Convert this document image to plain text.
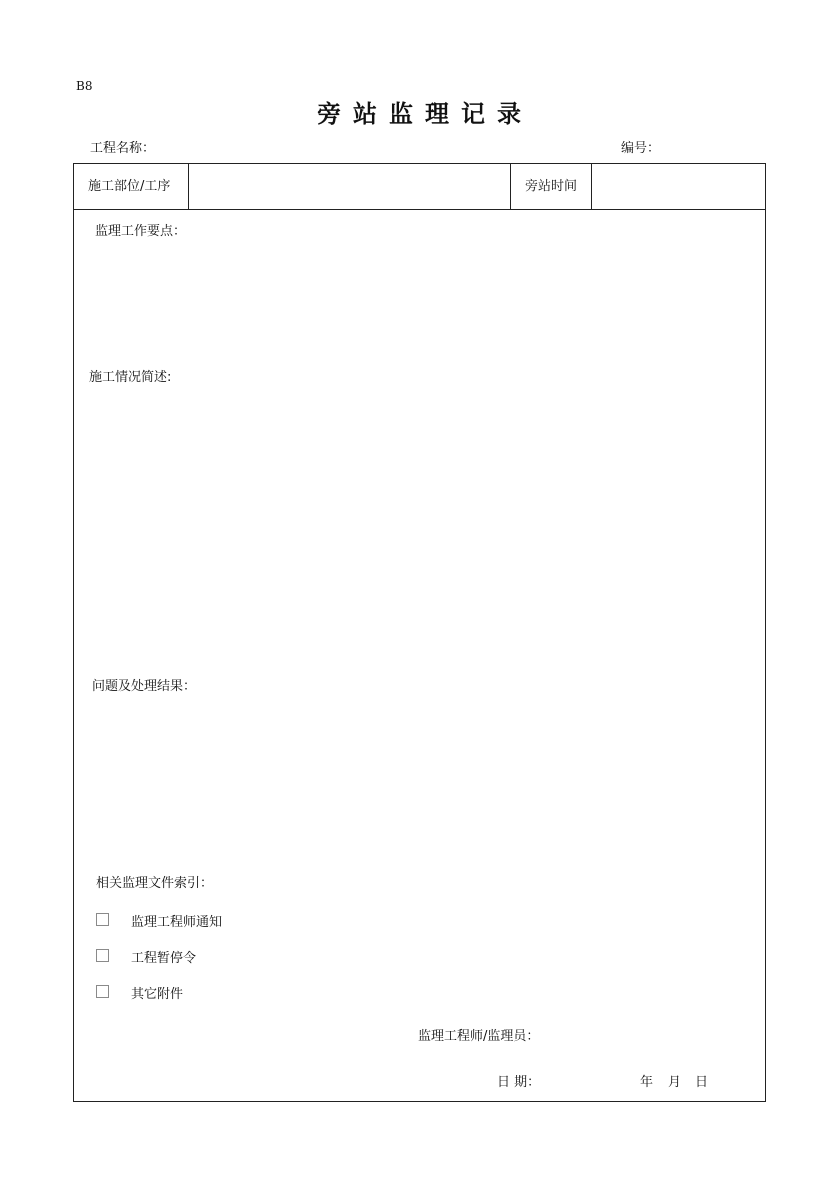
B8
旁站监理记录
工程名称：	编号：
施工部位/工序	旁站时间
监理工作要点：
施工情况简述:
问题及处理结果：
相关监理文件索引：
监理工程师通知
工程暂停令
其它附件
监理工程师/监理员：
日 期：	年 月 日
